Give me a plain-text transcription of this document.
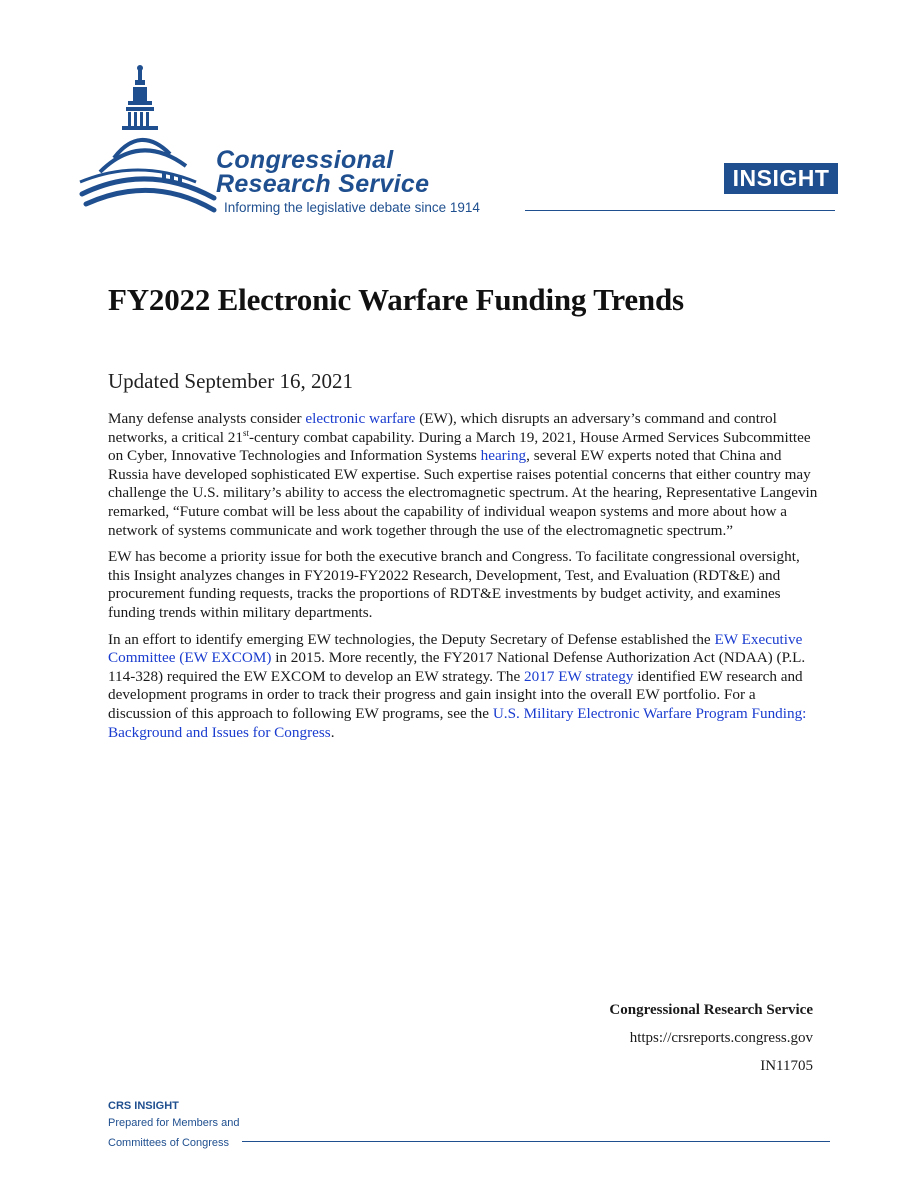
Congressional
Research Service
Informing the legislative debate since 1914
INSIGHT
FY2022 Electronic Warfare Funding Trends
Updated September 16, 2021

Many defense analysts consider electronic warfare (EW), which disrupts an adversary’s command and control networks, a critical 21st-century combat capability. During a March 19, 2021, House Armed Services Subcommittee on Cyber, Innovative Technologies and Information Systems hearing, several EW experts noted that China and Russia have developed sophisticated EW expertise. Such expertise raises potential concerns that either country may challenge the U.S. military’s ability to access the electromagnetic spectrum. At the hearing, Representative Langevin remarked, “Future combat will be less about the capability of individual weapon systems and more about how a network of systems communicate and work together through the use of the electromagnetic spectrum.”

EW has become a priority issue for both the executive branch and Congress. To facilitate congressional oversight, this Insight analyzes changes in FY2019-FY2022 Research, Development, Test, and Evaluation (RDT&E) and procurement funding requests, tracks the proportions of RDT&E investments by budget activity, and examines funding trends within military departments.

In an effort to identify emerging EW technologies, the Deputy Secretary of Defense established the EW Executive Committee (EW EXCOM) in 2015. More recently, the FY2017 National Defense Authorization Act (NDAA) (P.L. 114-328) required the EW EXCOM to develop an EW strategy. The 2017 EW strategy identified EW research and development programs in order to track their progress and gain insight into the overall EW portfolio. For a discussion of this approach to following EW programs, see the U.S. Military Electronic Warfare Program Funding: Background and Issues for Congress.

Congressional Research Service
https://crsreports.congress.gov
IN11705
CRS INSIGHT
Prepared for Members and
Committees of Congress
